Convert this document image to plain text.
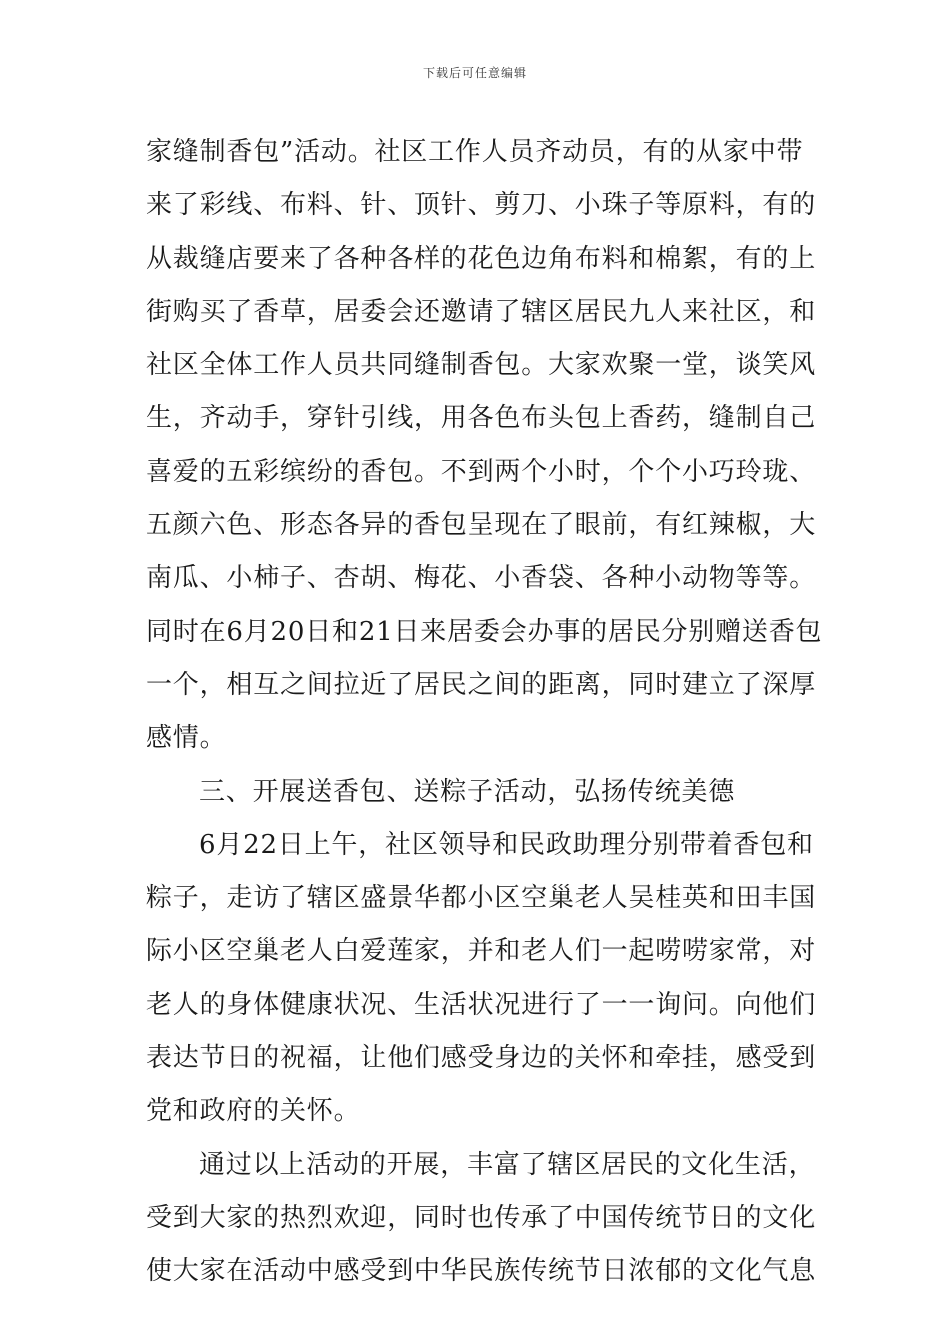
下载后可任意编辑
家缝制香包”活动。社区工作人员齐动员，有的从家中带
来了彩线、布料、针、顶针、剪刀、小珠子等原料，有的
从裁缝店要来了各种各样的花色边角布料和棉絮，有的上
街购买了香草，居委会还邀请了辖区居民九人来社区，和
社区全体工作人员共同缝制香包。大家欢聚一堂，谈笑风
生，齐动手，穿针引线，用各色布头包上香药，缝制自己
喜爱的五彩缤纷的香包。不到两个小时，个个小巧玲珑、
五颜六色、形态各异的香包呈现在了眼前，有红辣椒，大
南瓜、小柿子、杏胡、梅花、小香袋、各种小动物等等。
同时在6月20日和21日来居委会办事的居民分别赠送香包
一个，相互之间拉近了居民之间的距离，同时建立了深厚
感情。
三、开展送香包、送粽子活动，弘扬传统美德
6月22日上午，社区领导和民政助理分别带着香包和
粽子，走访了辖区盛景华都小区空巢老人吴桂英和田丰国
际小区空巢老人白爱莲家，并和老人们一起唠唠家常，对
老人的身体健康状况、生活状况进行了一一询问。向他们
表达节日的祝福，让他们感受身边的关怀和牵挂，感受到
党和政府的关怀。
通过以上活动的开展，丰富了辖区居民的文化生活，
受到大家的热烈欢迎，同时也传承了中国传统节日的文化
使大家在活动中感受到中华民族传统节日浓郁的文化气息
